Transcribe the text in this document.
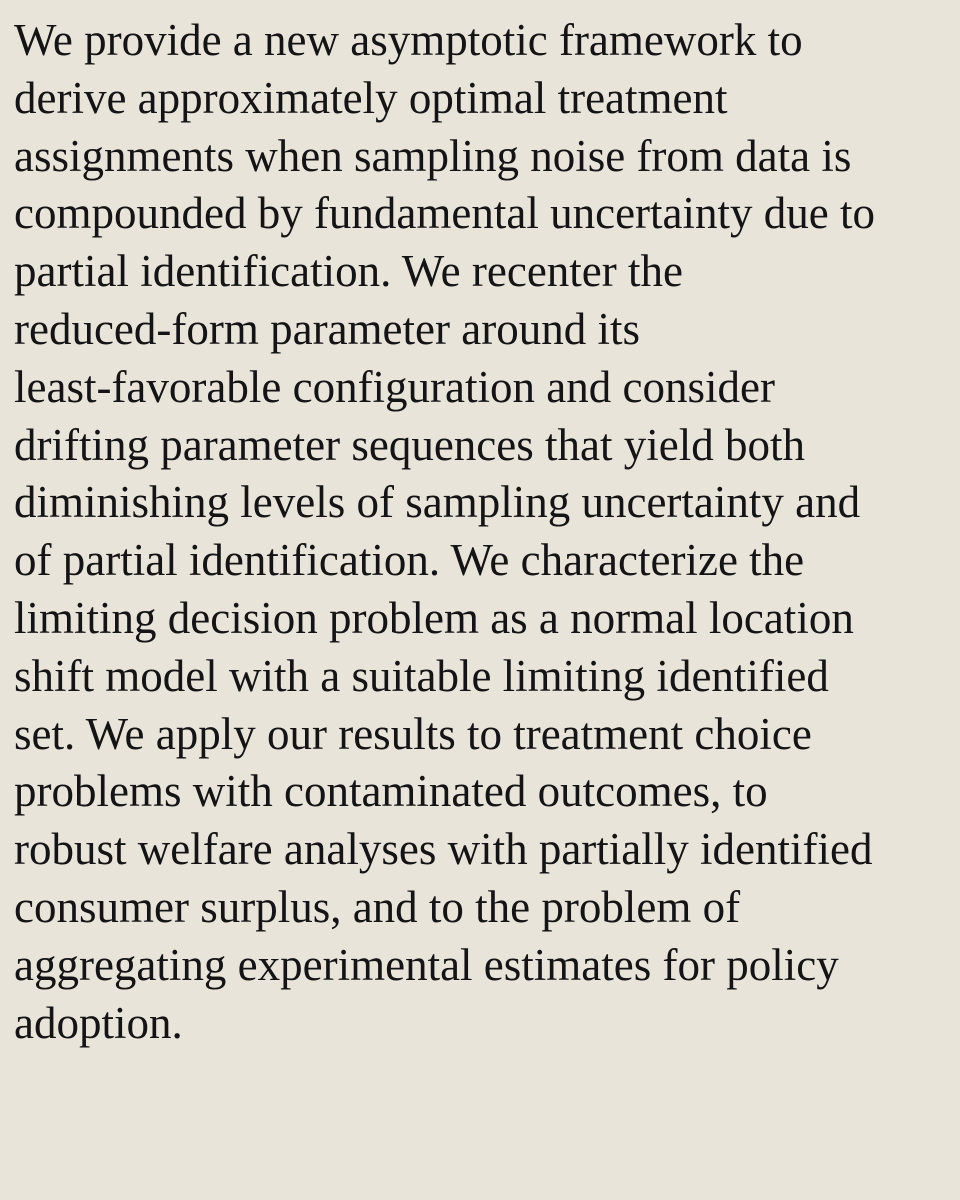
We provide a new asymptotic framework to
derive approximately optimal treatment
assignments when sampling noise from data is
compounded by fundamental uncertainty due to
partial identification. We recenter the
reduced-form parameter around its
least-favorable configuration and consider
drifting parameter sequences that yield both
diminishing levels of sampling uncertainty and
of partial identification. We characterize the
limiting decision problem as a normal location
shift model with a suitable limiting identified
set. We apply our results to treatment choice
problems with contaminated outcomes, to
robust welfare analyses with partially identified
consumer surplus, and to the problem of
aggregating experimental estimates for policy
adoption.
